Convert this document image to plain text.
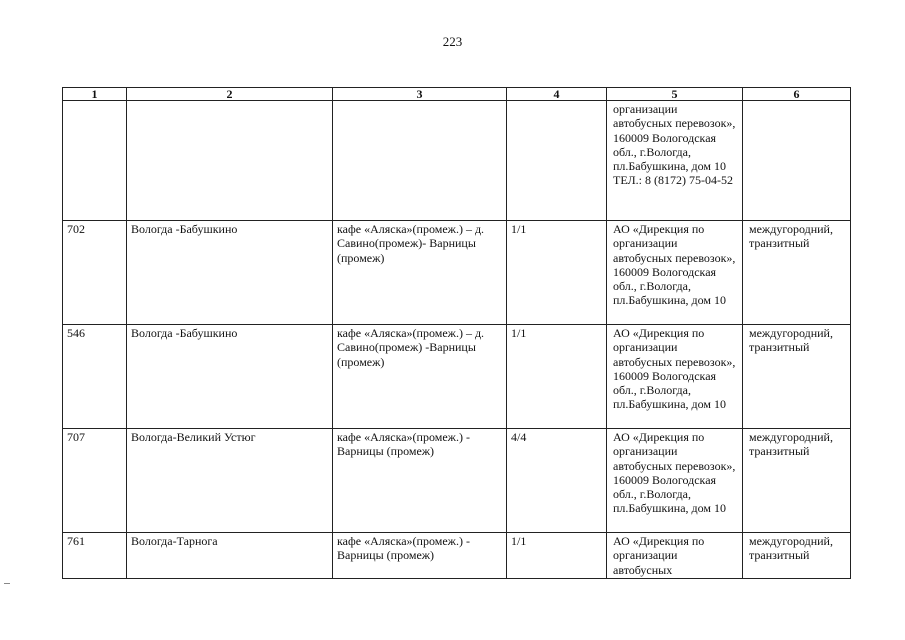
223
1	2	3	4	5	6
				организации автобусных перевозок», 160009 Вологодская обл., г.Вологда, пл.Бабушкина, дом 10 ТЕЛ.: 8 (8172) 75-04-52	
702	Вологда -Бабушкино	кафе «Аляска»(промеж.) – д. Савино(промеж)- Варницы (промеж)	1/1	АО «Дирекция по организации автобусных перевозок», 160009 Вологодская обл., г.Вологда, пл.Бабушкина, дом 10	междугородний, транзитный
546	Вологда -Бабушкино	кафе «Аляска»(промеж.) – д. Савино(промеж) -Варницы (промеж)	1/1	АО «Дирекция по организации автобусных перевозок», 160009 Вологодская обл., г.Вологда, пл.Бабушкина, дом 10	междугородний, транзитный
707	Вологда-Великий Устюг	кафе «Аляска»(промеж.) - Варницы (промеж)	4/4	АО «Дирекция по организации автобусных перевозок», 160009 Вологодская обл., г.Вологда, пл.Бабушкина, дом 10	междугородний, транзитный
761	Вологда-Тарнога	кафе «Аляска»(промеж.) - Варницы (промеж)	1/1	АО «Дирекция по организации автобусных	междугородний, транзитный
